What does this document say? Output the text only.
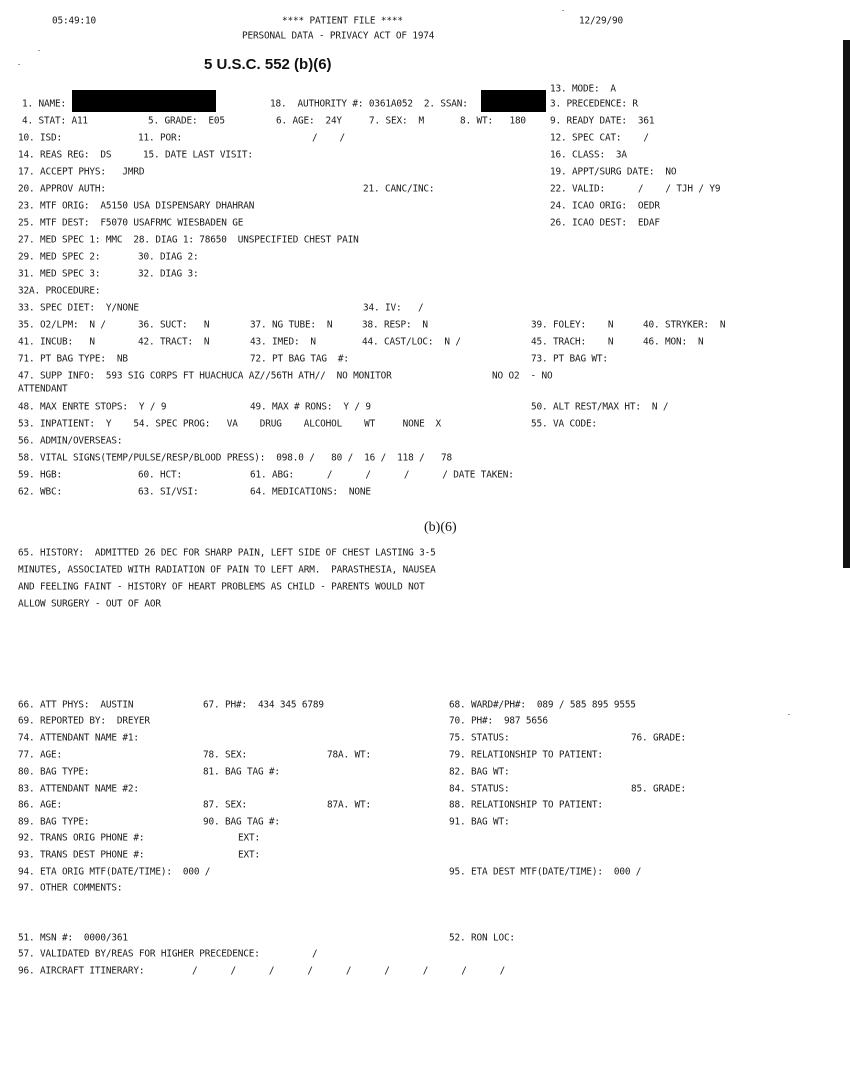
05:49:10	**** PATIENT FILE ****	12/29/90
PERSONAL DATA - PRIVACY ACT OF 1974
5 U.S.C. 552 (b)(6)
13. MODE:  A
1. NAME:	18.  AUTHORITY #: 0361A052  2. SSAN:	3. PRECEDENCE: R
4. STAT: A11	5. GRADE:  E05	6. AGE:  24Y	7. SEX:  M	8. WT:   180	9. READY DATE:  361
10. ISD:	11. POR:	/    /	12. SPEC CAT:    /
14. REAS REG:  DS	15. DATE LAST VISIT:	16. CLASS:  3A
17. ACCEPT PHYS:   JMRD	19. APPT/SURG DATE:  NO
20. APPROV AUTH:	21. CANC/INC:	22. VALID:      /    / TJH / Y9
23. MTF ORIG:  A5150 USA DISPENSARY DHAHRAN	24. ICAO ORIG:  OEDR
25. MTF DEST:  F5070 USAFRMC WIESBADEN GE	26. ICAO DEST:  EDAF
27. MED SPEC 1: MMC  28. DIAG 1: 78650  UNSPECIFIED CHEST PAIN
29. MED SPEC 2:	30. DIAG 2:
31. MED SPEC 3:	32. DIAG 3:
32A. PROCEDURE:
33. SPEC DIET:  Y/NONE	34. IV:   /
35. O2/LPM:  N /	36. SUCT:   N	37. NG TUBE:  N	38. RESP:  N	39. FOLEY:    N	40. STRYKER:  N
41. INCUB:   N	42. TRACT:  N	43. IMED:  N	44. CAST/LOC:  N /	45. TRACH:    N	46. MON:  N
71. PT BAG TYPE:  NB	72. PT BAG TAG  #:	73. PT BAG WT:
47. SUPP INFO:  593 SIG CORPS FT HUACHUCA AZ//56TH ATH//  NO MONITOR	NO O2  - NO
ATTENDANT
48. MAX ENRTE STOPS:  Y / 9	49. MAX # RONS:  Y / 9	50. ALT REST/MAX HT:  N /
53. INPATIENT:  Y    54. SPEC PROG:   VA    DRUG    ALCOHOL    WT     NONE  X	55. VA CODE:
56. ADMIN/OVERSEAS:
58. VITAL SIGNS(TEMP/PULSE/RESP/BLOOD PRESS):  098.0 /   80 /  16 /  118 /   78
59. HGB:	60. HCT:	61. ABG:      /      /      /      / DATE TAKEN:
62. WBC:	63. SI/VSI:	64. MEDICATIONS:  NONE
(b)(6)
65. HISTORY:  ADMITTED 26 DEC FOR SHARP PAIN, LEFT SIDE OF CHEST LASTING 3-5
MINUTES, ASSOCIATED WITH RADIATION OF PAIN TO LEFT ARM.  PARASTHESIA, NAUSEA
AND FEELING FAINT - HISTORY OF HEART PROBLEMS AS CHILD - PARENTS WOULD NOT
ALLOW SURGERY - OUT OF AOR
66. ATT PHYS:  AUSTIN	67. PH#:  434 345 6789	68. WARD#/PH#:  089 / 585 895 9555
69. REPORTED BY:  DREYER	70. PH#:  987 5656
74. ATTENDANT NAME #1:	75. STATUS:	76. GRADE:
77. AGE:	78. SEX:	78A. WT:	79. RELATIONSHIP TO PATIENT:
80. BAG TYPE:	81. BAG TAG #:	82. BAG WT:
83. ATTENDANT NAME #2:	84. STATUS:	85. GRADE:
86. AGE:	87. SEX:	87A. WT:	88. RELATIONSHIP TO PATIENT:
89. BAG TYPE:	90. BAG TAG #:	91. BAG WT:
92. TRANS ORIG PHONE #:	EXT:
93. TRANS DEST PHONE #:	EXT:
94. ETA ORIG MTF(DATE/TIME):  000 /	95. ETA DEST MTF(DATE/TIME):  000 /
97. OTHER COMMENTS:
51. MSN #:  0000/361	52. RON LOC:
57. VALIDATED BY/REAS FOR HIGHER PRECEDENCE:	/
96. AIRCRAFT ITINERARY:	/      /      /      /      /      /      /      /      /
